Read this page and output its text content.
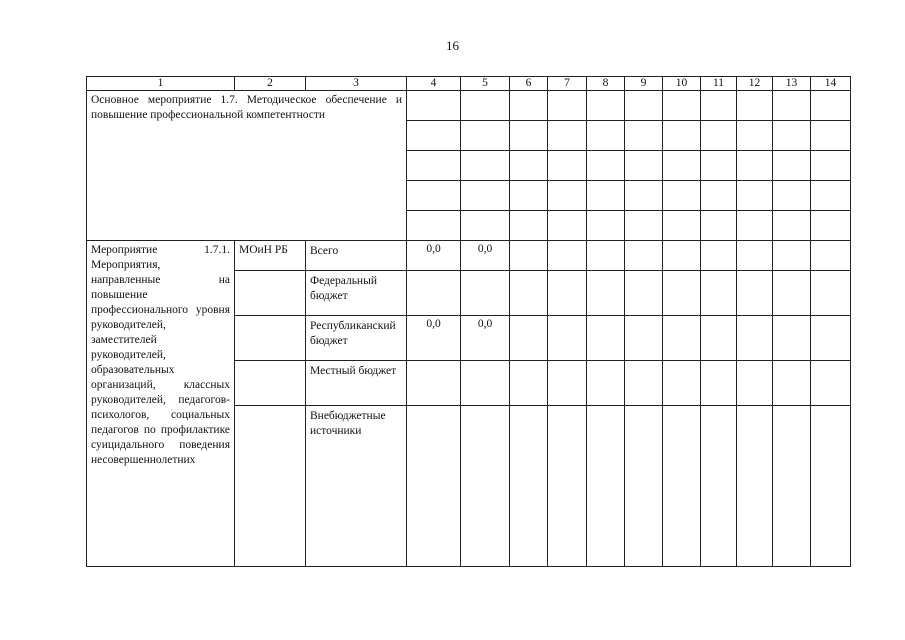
16
1	2	3	4	5	6	7	8	9	10	11	12	13	14

Основное мероприятие 1.7. Методическое обеспечение и повышение профессиональной компетентности													

Мероприятие 1.7.1. Мероприятия, направленные на повышение профессионального уровня руководителей, заместителей руководителей, образовательных организаций, классных руководителей, педагогов-психологов, социальных педагогов по профилактике суицидального поведения несовершеннолетних	МОиН РБ	Всего	0,0	0,0									

		Федеральный бюджет											

		Республиканский бюджет	0,0	0,0									

		Местный бюджет											

		Внебюджетные источники											
